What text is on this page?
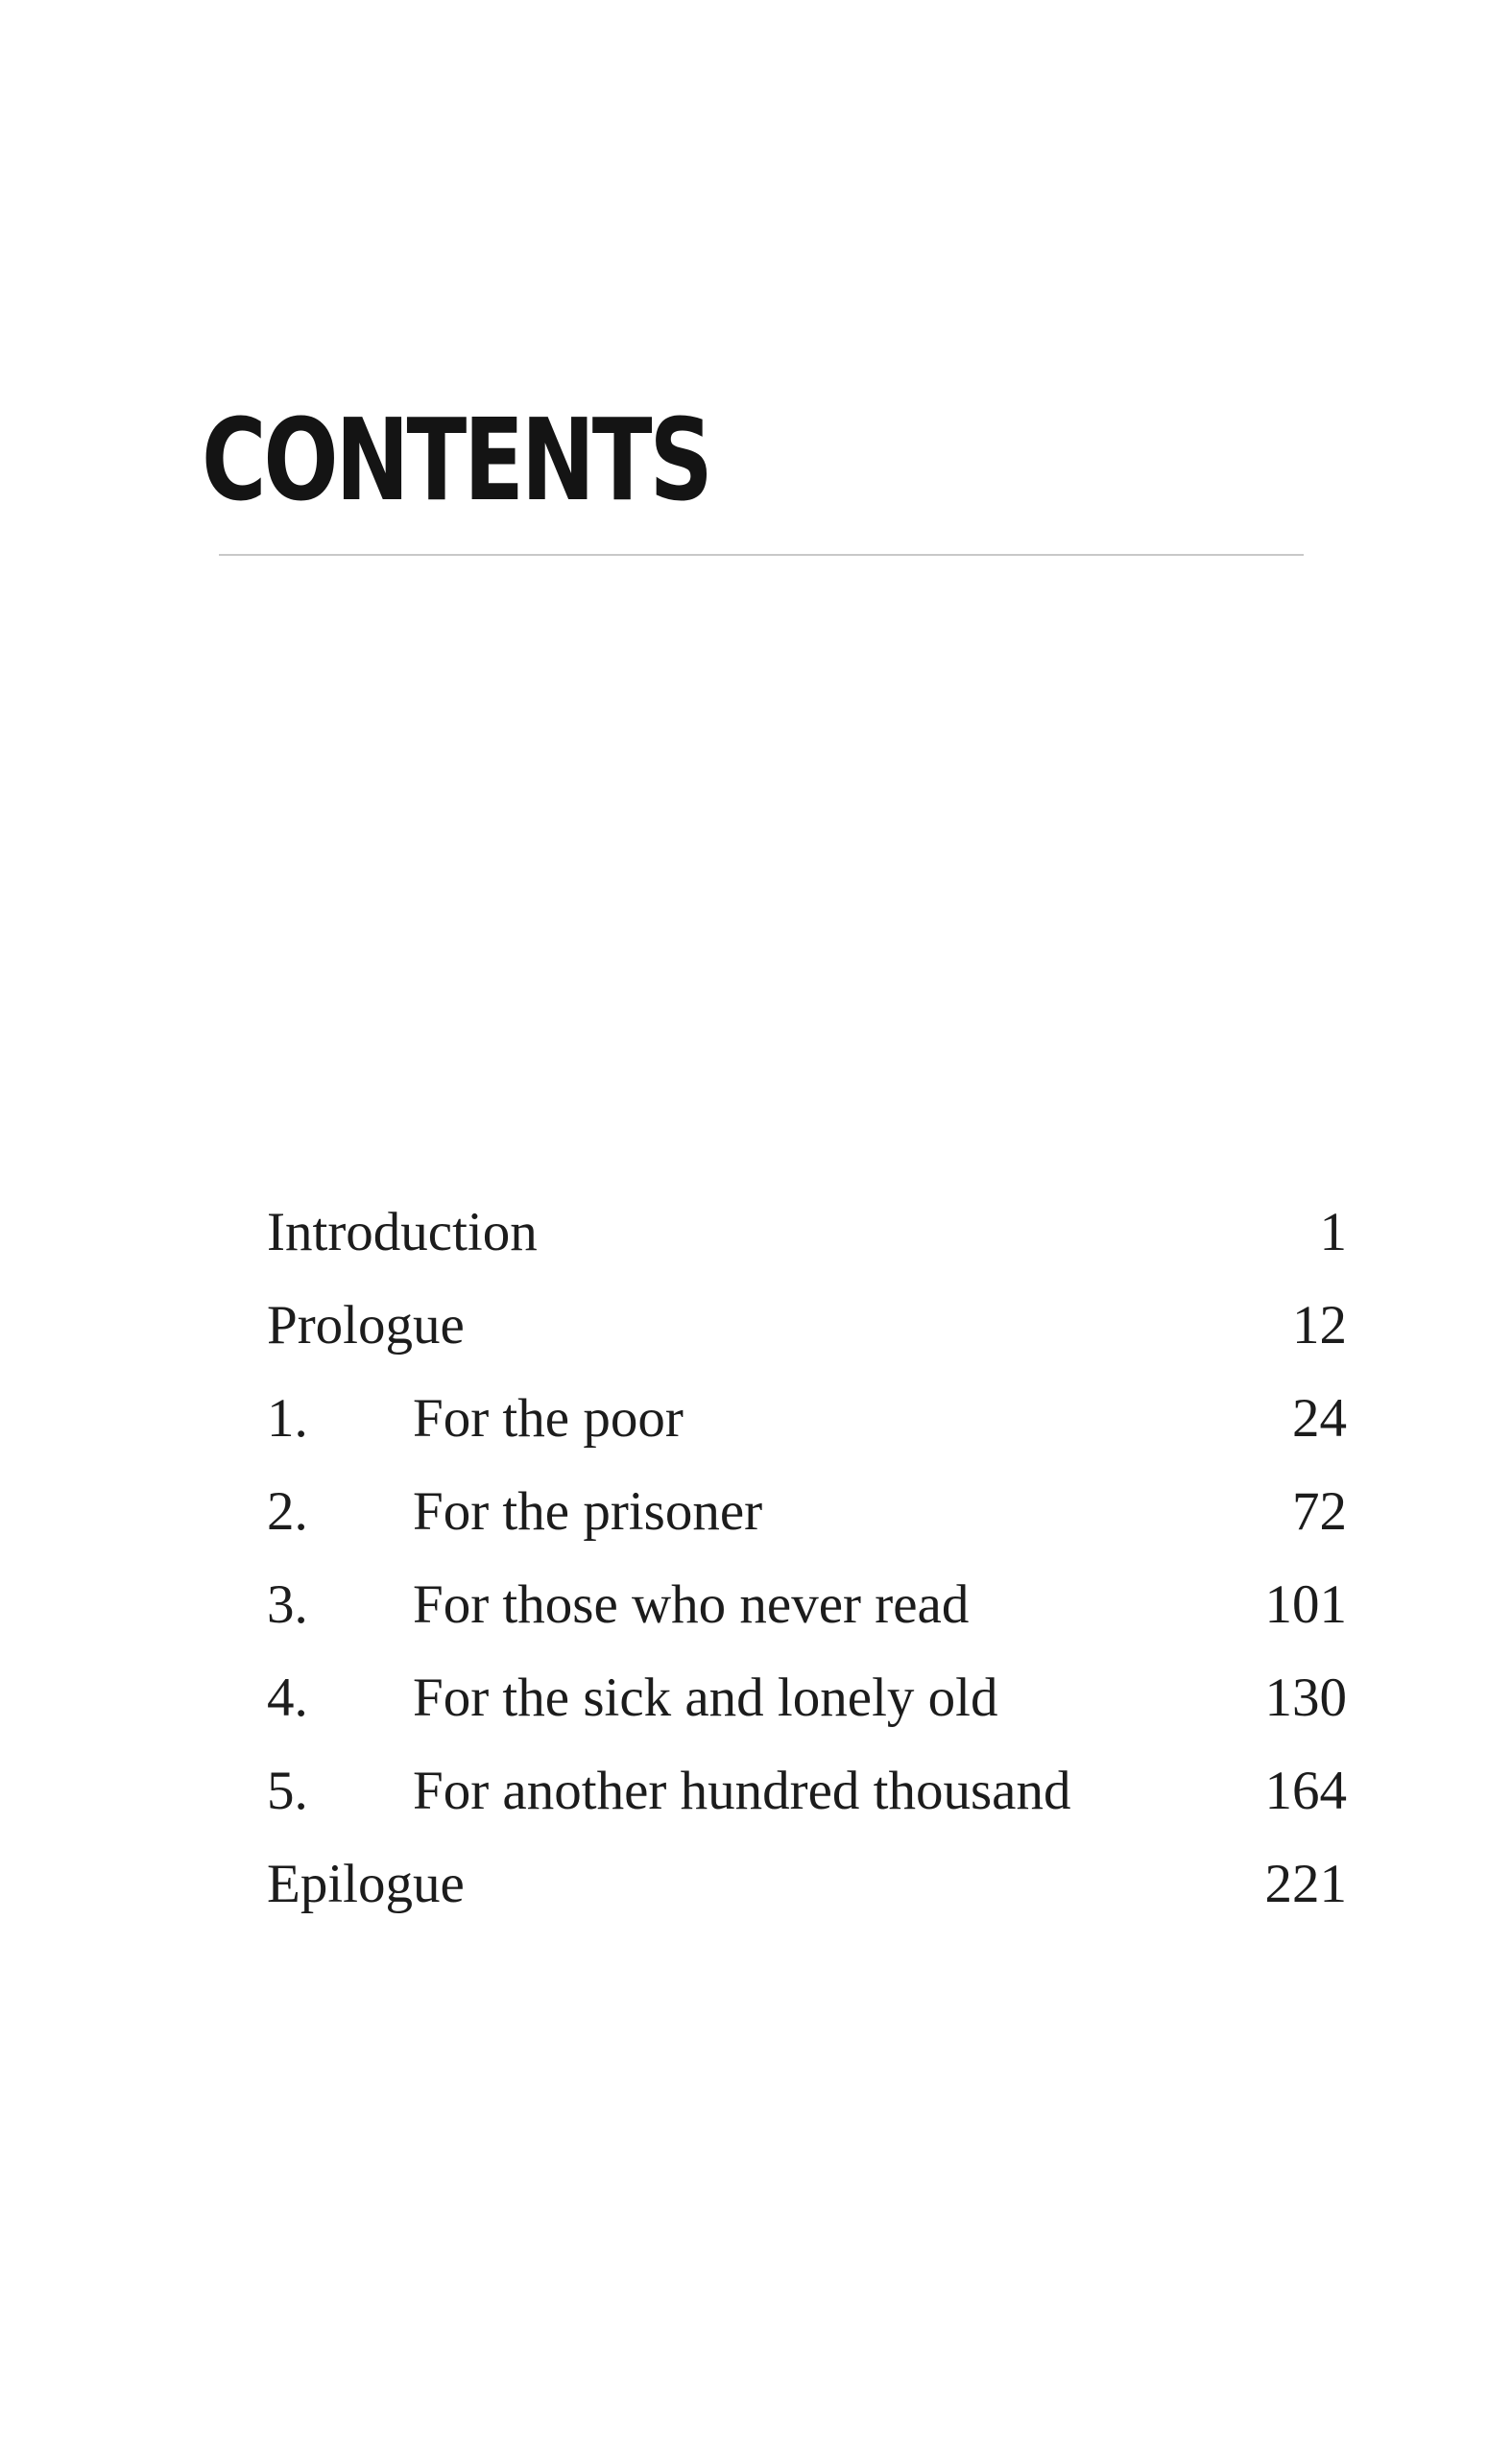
CONTENTS
Introduction	1
Prologue	12
1. For the poor	24
2. For the prisoner	72
3. For those who never read	101
4. For the sick and lonely old	130
5. For another hundred thousand	164
Epilogue	221
